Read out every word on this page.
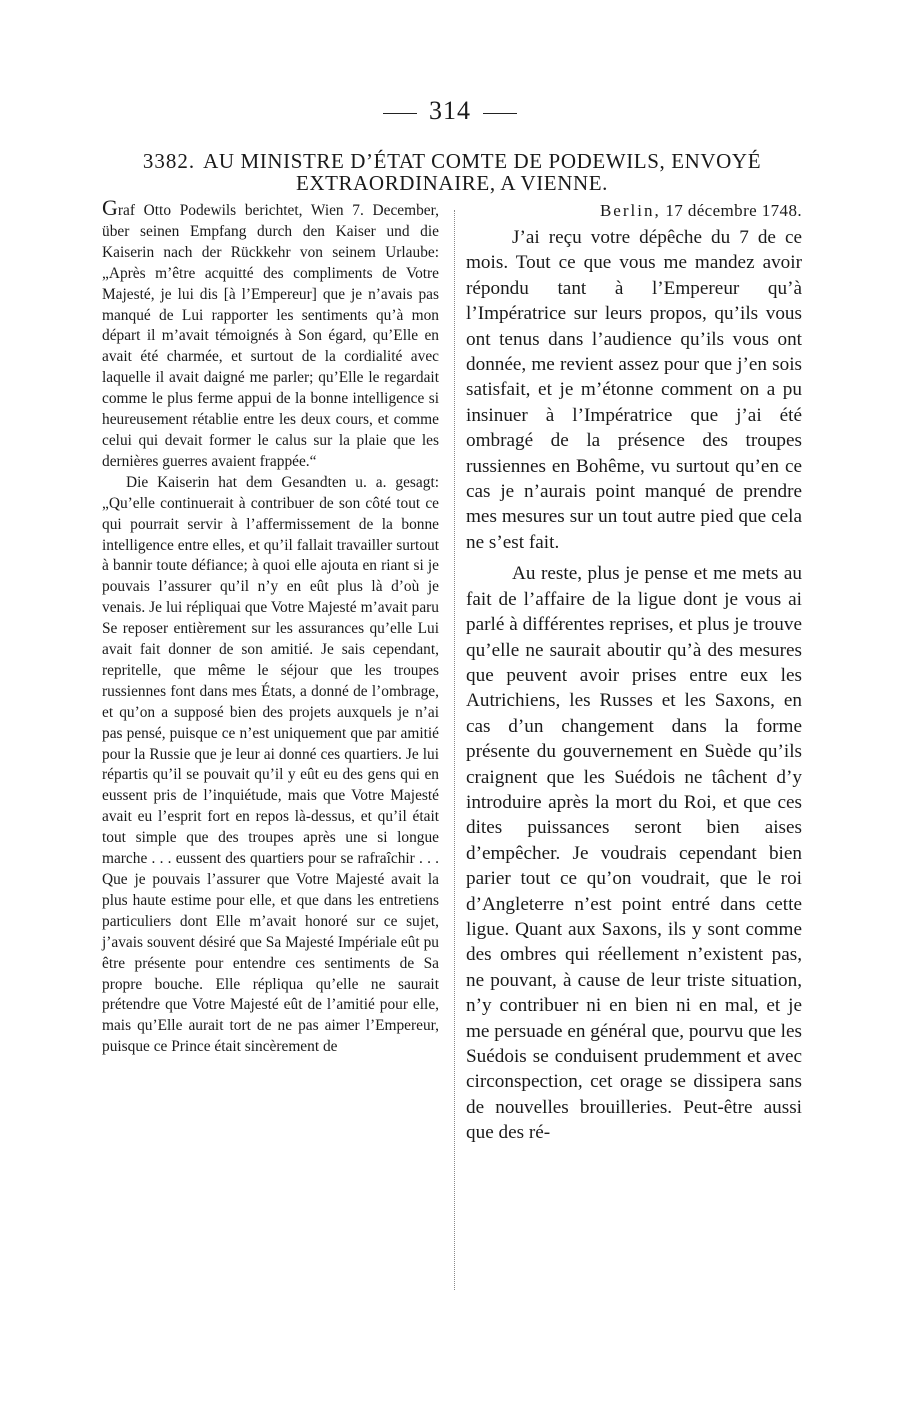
314
3382. AU MINISTRE D’ÉTAT COMTE DE PODEWILS, ENVOYÉ EXTRAORDINAIRE, A VIENNE.

Graf Otto Podewils berichtet, Wien 7. December, über seinen Empfang durch den Kaiser und die Kaiserin nach der Rückkehr von seinem Urlaube: „Après m’être acquitté des compliments de Votre Majesté, je lui dis [à l’Empereur] que je n’avais pas manqué de Lui rapporter les sentiments qu’à mon départ il m’avait témoignés à Son égard, qu’Elle en avait été charmée, et surtout de la cordialité avec laquelle il avait daigné me parler; qu’Elle le regardait comme le plus ferme appui de la bonne intelligence si heureusement rétablie entre les deux cours, et comme celui qui devait former le calus sur la plaie que les dernières guerres avaient frappée.“

Die Kaiserin hat dem Gesandten u. a. gesagt: „Qu’elle continuerait à contribuer de son côté tout ce qui pourrait servir à l’affermissement de la bonne intelligence entre elles, et qu’il fallait travailler surtout à bannir toute défiance; à quoi elle ajouta en riant si je pouvais l’assurer qu’il n’y en eût plus là d’où je venais. Je lui répliquai que Votre Majesté m’avait paru Se reposer entièrement sur les assurances qu’elle Lui avait fait donner de son amitié. Je sais cependant, repritelle, que même le séjour que les troupes russiennes font dans mes États, a donné de l’ombrage, et qu’on a supposé bien des projets auxquels je n’ai pas pensé, puisque ce n’est uniquement que par amitié pour la Russie que je leur ai donné ces quartiers. Je lui répartis qu’il se pouvait qu’il y eût eu des gens qui en eussent pris de l’inquiétude, mais que Votre Majesté avait eu l’esprit fort en repos là-dessus, et qu’il était tout simple que des troupes après une si longue marche . . . eussent des quartiers pour se rafraîchir . . . Que je pouvais l’assurer que Votre Majesté avait la plus haute estime pour elle, et que dans les entretiens particuliers dont Elle m’avait honoré sur ce sujet, j’avais souvent désiré que Sa Majesté Impériale eût pu être présente pour entendre ces sentiments de Sa propre bouche. Elle répliqua qu’elle ne saurait prétendre que Votre Majesté eût de l’amitié pour elle, mais qu’Elle aurait tort de ne pas aimer l’Empereur, puisque ce Prince était sincèrement de

Berlin, 17 décembre 1748.

J’ai reçu votre dépêche du 7 de ce mois. Tout ce que vous me mandez avoir répondu tant à l’Empereur qu’à l’Impératrice sur leurs propos, qu’ils vous ont tenus dans l’audience qu’ils vous ont donnée, me revient assez pour que j’en sois satisfait, et je m’étonne comment on a pu insinuer à l’Impératrice que j’ai été ombragé de la présence des troupes russiennes en Bohême, vu surtout qu’en ce cas je n’aurais point manqué de prendre mes mesures sur un tout autre pied que cela ne s’est fait.

Au reste, plus je pense et me mets au fait de l’affaire de la ligue dont je vous ai parlé à différentes reprises, et plus je trouve qu’elle ne saurait aboutir qu’à des mesures que peuvent avoir prises entre eux les Autrichiens, les Russes et les Saxons, en cas d’un changement dans la forme présente du gouvernement en Suède qu’ils craignent que les Suédois ne tâchent d’y introduire après la mort du Roi, et que ces dites puissances seront bien aises d’empêcher. Je voudrais cependant bien parier tout ce qu’on voudrait, que le roi d’Angleterre n’est point entré dans cette ligue. Quant aux Saxons, ils y sont comme des ombres qui réellement n’existent pas, ne pouvant, à cause de leur triste situation, n’y contribuer ni en bien ni en mal, et je me persuade en général que, pourvu que les Suédois se conduisent prudemment et avec circonspection, cet orage se dissipera sans de nouvelles brouilleries. Peut-être aussi que des ré-
